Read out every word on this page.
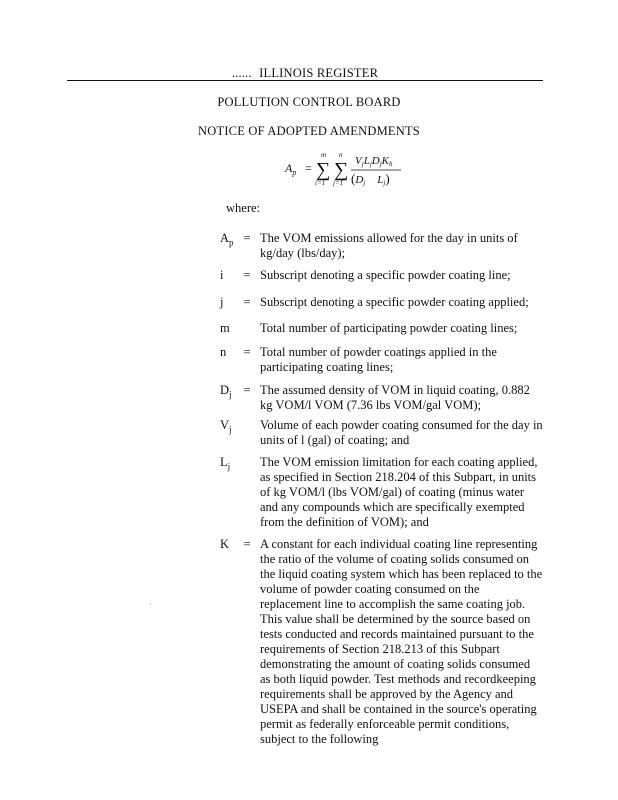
...... ILLINOIS REGISTER
POLLUTION CONTROL BOARD
NOTICE OF ADOPTED AMENDMENTS
$A_p$ =
m
∑
i=1
n
∑
j=1
VjLjDjKh
(Dj Lj)
where:
$A_p$ = The VOM emissions allowed for the day in units of kg/day (lbs/day);
i	= Subscript denoting a specific powder coating line;
j	= Subscript denoting a specific powder coating applied;
m	Total number of participating powder coating lines;
n	= Total number of powder coatings applied in the participating coating lines;
$D_j$ = The assumed density of VOM in liquid coating, 0.882 kg VOM/l VOM (7.36 lbs VOM/gal VOM);
$V_j$	Volume of each powder coating consumed for the day in units of l (gal) of coating; and
$L_j$	The VOM emission limitation for each coating applied, as specified in Section 218.204 of this Subpart, in units of kg VOM/l (lbs VOM/gal) of coating (minus water and any compounds which are specifically exempted from the definition of VOM); and
K	= A constant for each individual coating line representing the ratio of the volume of coating solids consumed on the liquid coating system which has been replaced to the volume of powder coating consumed on the replacement line to accomplish the same coating job. This value shall be determined by the source based on tests conducted and records maintained pursuant to the requirements of Section 218.213 of this Subpart demonstrating the amount of coating solids consumed as both liquid powder. Test methods and recordkeeping requirements shall be approved by the Agency and USEPA and shall be contained in the source's operating permit as federally enforceable permit conditions, subject to the following
·
